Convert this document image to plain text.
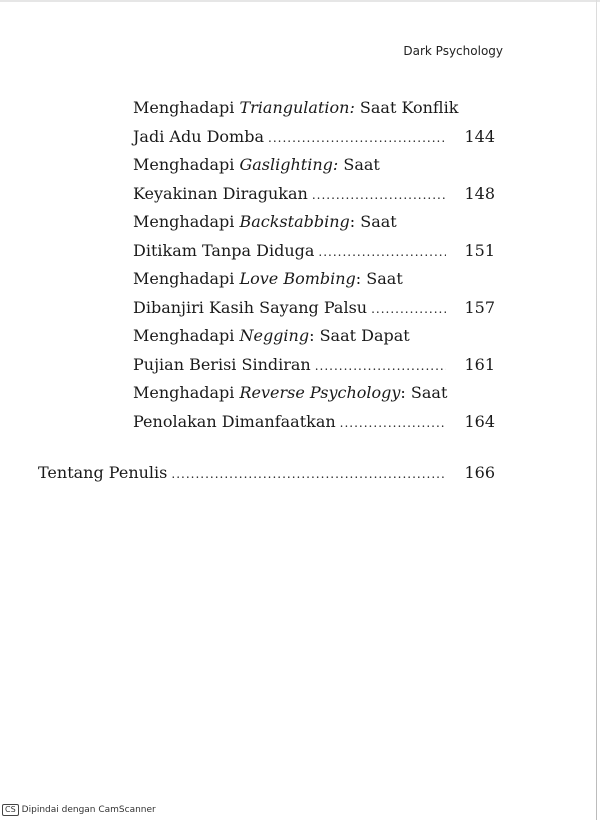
Dark Psychology
Menghadapi Triangulation: Saat Konflik
Jadi Adu Domba .....	144
Menghadapi Gaslighting: Saat
Keyakinan Diragukan .....	148
Menghadapi Backstabbing: Saat
Ditikam Tanpa Diduga .....	151
Menghadapi Love Bombing: Saat
Dibanjiri Kasih Sayang Palsu .....	157
Menghadapi Negging: Saat Dapat
Pujian Berisi Sindiran .....	161
Menghadapi Reverse Psychology: Saat
Penolakan Dimanfaatkan .....	164
Tentang Penulis .....	166
CS Dipindai dengan CamScanner
